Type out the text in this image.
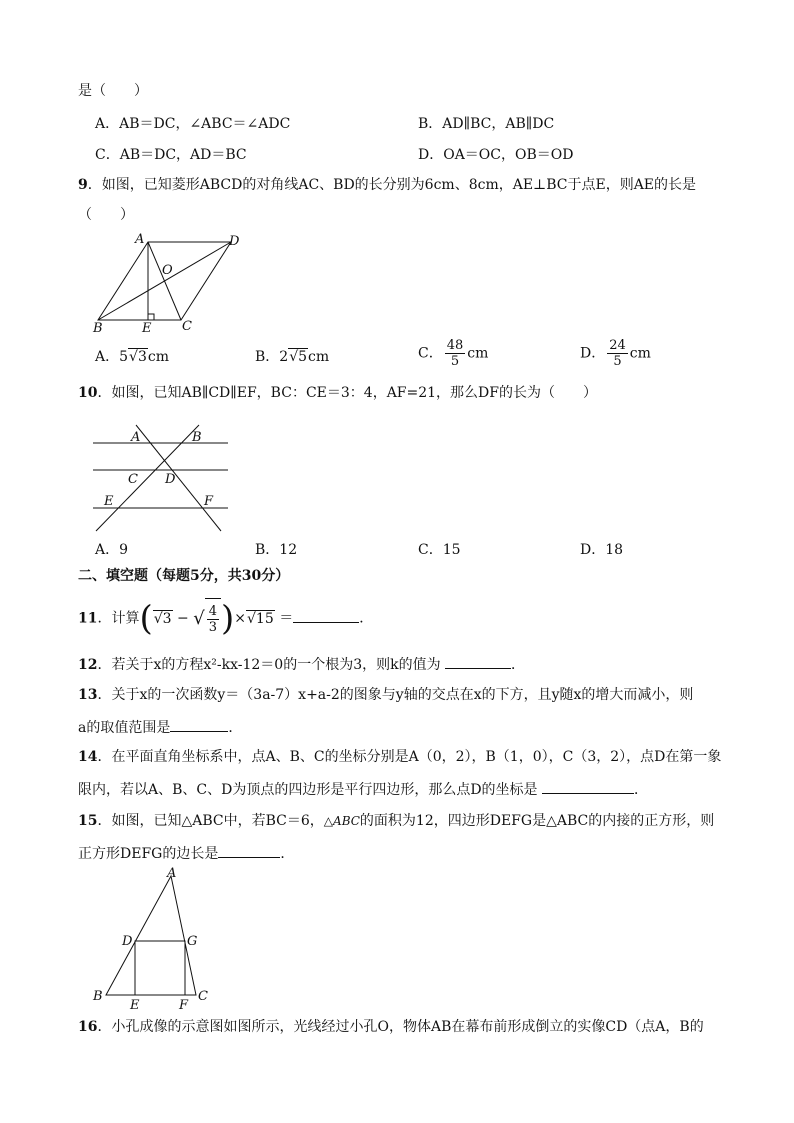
是（　　）
A．AB＝DC，∠ABC＝∠ADC	B．AD∥BC，AB∥DC
C．AB＝DC，AD＝BC	D．OA＝OC，OB＝OD
9．如图，已知菱形ABCD的对角线AC、BD的长分别为6cm、8cm，AE⊥BC于点E，则AE的长是
（　　）
A	D
O
B	E C
A．5√3cm	B．2√5cm	C． $\frac{48}{5}$ cm	D． $\frac{24}{5}$ cm
10．如图，已知AB∥CD∥EF，BC：CE＝3：4，AF=21，那么DF的长为（　　）
A	B
C D
E	F
A．9	B．12	C．15	D．18
二、填空题（每题5分，共30分）
11．计算(√3 − √ $\frac{4}{3} )\times√15$ ＝	．
12．若关于x的方程x²-kx-12＝0的一个根为3，则k的值为	．
13．关于x的一次函数y＝（3a-7）x+a-2的图象与y轴的交点在x的下方，且y随x的增大而减小，则
a的取值范围是	．
14．在平面直角坐标系中，点A、B、C的坐标分别是A（0，2），B（1，0），C（3，2），点D在第一象
限内，若以A、B、C、D为顶点的四边形是平行四边形，那么点D的坐标是	．
15．如图，已知△ABC中，若BC＝6，△ABC的面积为12，四边形DEFG是△ABC的内接的正方形，则
正方形DEFG的边长是	．
A
B	C
D	G
E	F
16．小孔成像的示意图如图所示，光线经过小孔O，物体AB在幕布前形成倒立的实像CD（点A，B的
